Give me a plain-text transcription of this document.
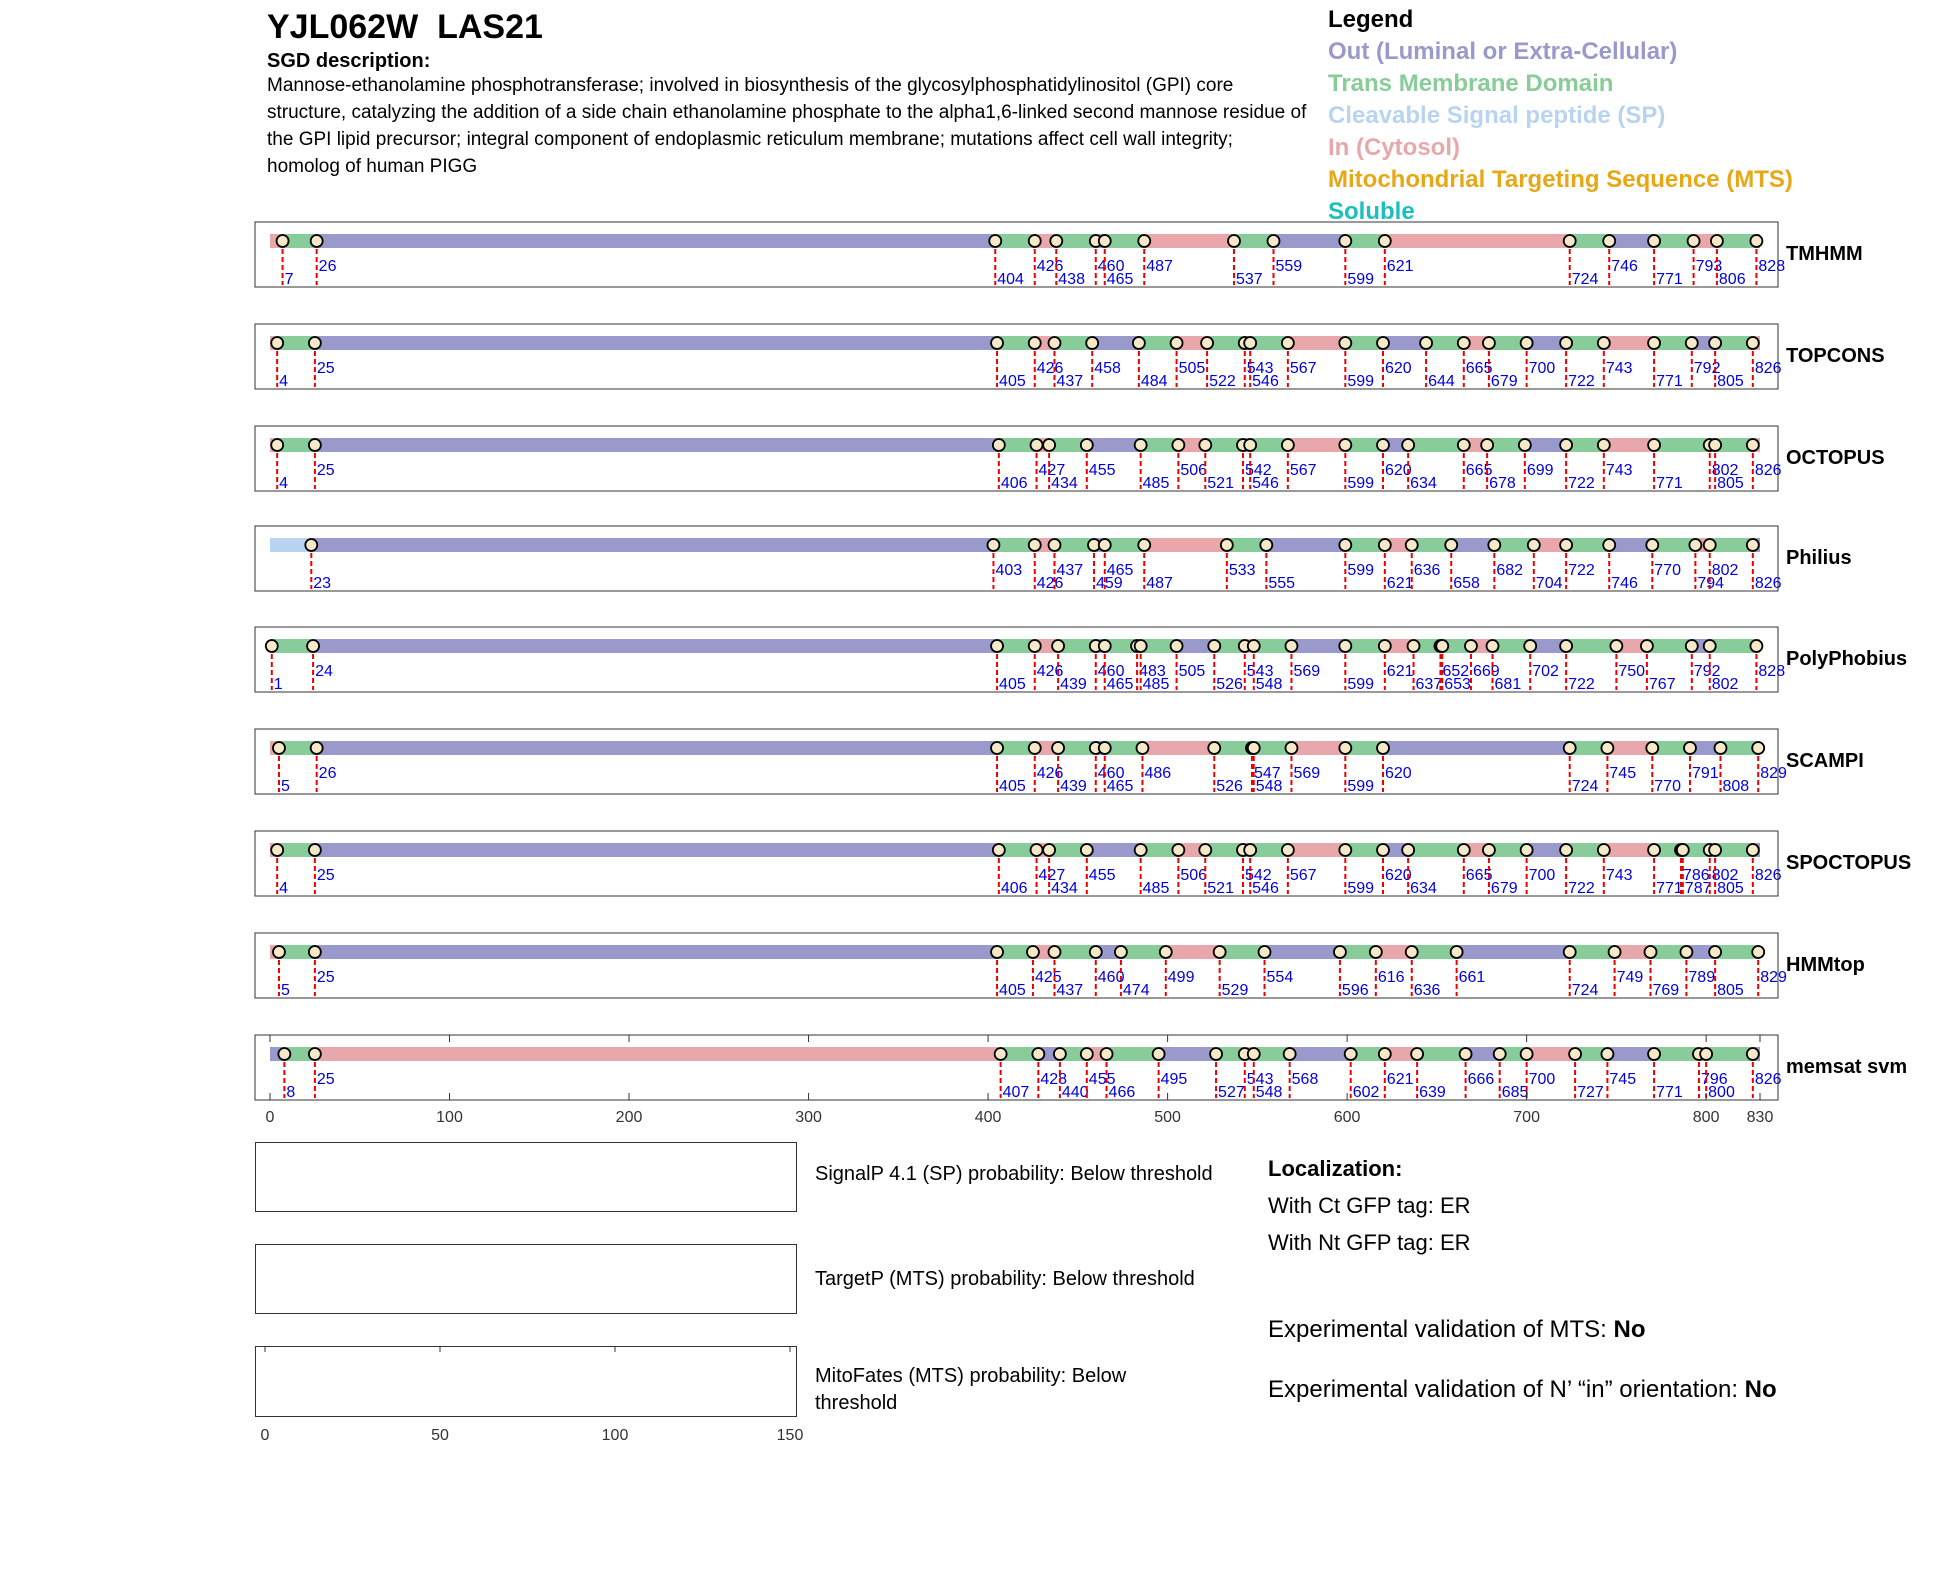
YJL062W  LAS21
SGD description:
Mannose-ethanolamine phosphotransferase; involved in biosynthesis of the glycosylphosphatidylinositol (GPI) core structure, catalyzing the addition of a side chain ethanolamine phosphate to the alpha1,6-linked second mannose residue of the GPI lipid precursor; integral component of endoplasmic reticulum membrane; mutations affect cell wall integrity; homolog of human PIGG
Legend
Out (Luminal or Extra-Cellular)
Trans Membrane Domain
Cleavable Signal peptide (SP)
In (Cytosol)
Mitochondrial Targeting Sequence (MTS)
Soluble
7
26
404
426
438
460
465
487
537
559
599
621
724
746
771
793
806
828
TMHMM
4
25
405
426
437
458
484
505
522
543
546
567
599
620
644
665
679
700
722
743
771
792
805
826
TOPCONS
4
25
406
427
434
455
485
506
521
542
546
567
599
620
634
665
678
699
722
743
771
802
805
826
OCTOPUS
23
403
426
437
459
465
487
533
555
599
621
636
658
682
704
722
746
770
794
802
826
Philius
1
24
405
426
439
460
465
483
485
505
526
543
548
569
599
621
637
652
653
669
681
702
722
750
767
792
802
828
PolyPhobius
5
26
405
426
439
460
465
486
526
547
548
569
599
620
724
745
770
791
808
829
SCAMPI
4
25
406
427
434
455
485
506
521
542
546
567
599
620
634
665
679
700
722
743
771
786
787
802
805
826
SPOCTOPUS
5
25
405
425
437
460
474
499
529
554
596
616
636
661
724
749
769
789
805
829
HMMtop
8
25
407
428
440
455
466
495
527
543
548
568
602
621
639
666
685
700
727
745
771
796
800
826
memsat svm
0	100	200	300	400	500	600	700	800 830
0	50	100	150
SignalP 4.1 (SP) probability: Below threshold
TargetP (MTS) probability: Below threshold
MitoFates (MTS) probability: Below
threshold
Localization:
With Ct GFP tag: ER
With Nt GFP tag: ER
Experimental validation of MTS: No
Experimental validation of N’ “in” orientation: No
